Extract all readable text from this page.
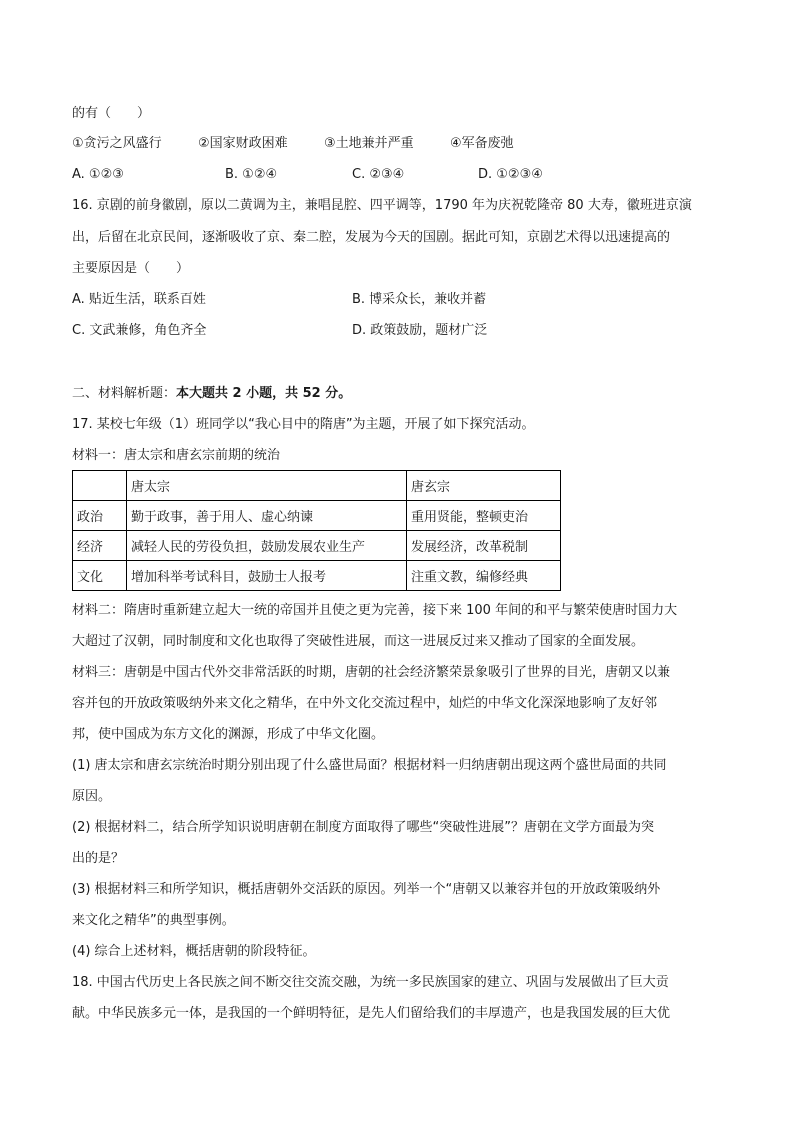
的有（　　）
①贪污之风盛行	②国家财政困难	③土地兼并严重	④军备废弛
A. ①②③	B. ①②④	C. ②③④	D. ①②③④
16. 京剧的前身徽剧，原以二黄调为主，兼唱昆腔、四平调等，1790 年为庆祝乾隆帝 80 大寿，徽班进京演
出，后留在北京民间，逐渐吸收了京、秦二腔，发展为今天的国剧。据此可知，京剧艺术得以迅速提高的
主要原因是（　　）
A. 贴近生活，联系百姓	B. 博采众长，兼收并蓄
C. 文武兼修，角色齐全	D. 政策鼓励，题材广泛
二、材料解析题：本大题共 2 小题，共 52 分。
17. 某校七年级（1）班同学以“我心目中的隋唐”为主题，开展了如下探究活动。
材料一：唐太宗和唐玄宗前期的统治
	唐太宗	唐玄宗
政治	勤于政事，善于用人、虚心纳谏	重用贤能，整顿吏治
经济	减轻人民的劳役负担，鼓励发展农业生产	发展经济，改革税制
文化	增加科举考试科目，鼓励士人报考	注重文教，编修经典
材料二：隋唐时重新建立起大一统的帝国并且使之更为完善，接下来 100 年间的和平与繁荣使唐时国力大
大超过了汉朝，同时制度和文化也取得了突破性进展，而这一进展反过来又推动了国家的全面发展。
材料三：唐朝是中国古代外交非常活跃的时期，唐朝的社会经济繁荣景象吸引了世界的目光，唐朝又以兼
容并包的开放政策吸纳外来文化之精华，在中外文化交流过程中，灿烂的中华文化深深地影响了友好邻
邦，使中国成为东方文化的渊源，形成了中华文化圈。
(1) 唐太宗和唐玄宗统治时期分别出现了什么盛世局面？根据材料一归纳唐朝出现这两个盛世局面的共同
原因。
(2) 根据材料二，结合所学知识说明唐朝在制度方面取得了哪些“突破性进展”？唐朝在文学方面最为突
出的是？
(3) 根据材料三和所学知识，概括唐朝外交活跃的原因。列举一个“唐朝又以兼容并包的开放政策吸纳外
来文化之精华”的典型事例。
(4) 综合上述材料，概括唐朝的阶段特征。
18. 中国古代历史上各民族之间不断交往交流交融，为统一多民族国家的建立、巩固与发展做出了巨大贡
献。中华民族多元一体，是我国的一个鲜明特征，是先人们留给我们的丰厚遗产，也是我国发展的巨大优
